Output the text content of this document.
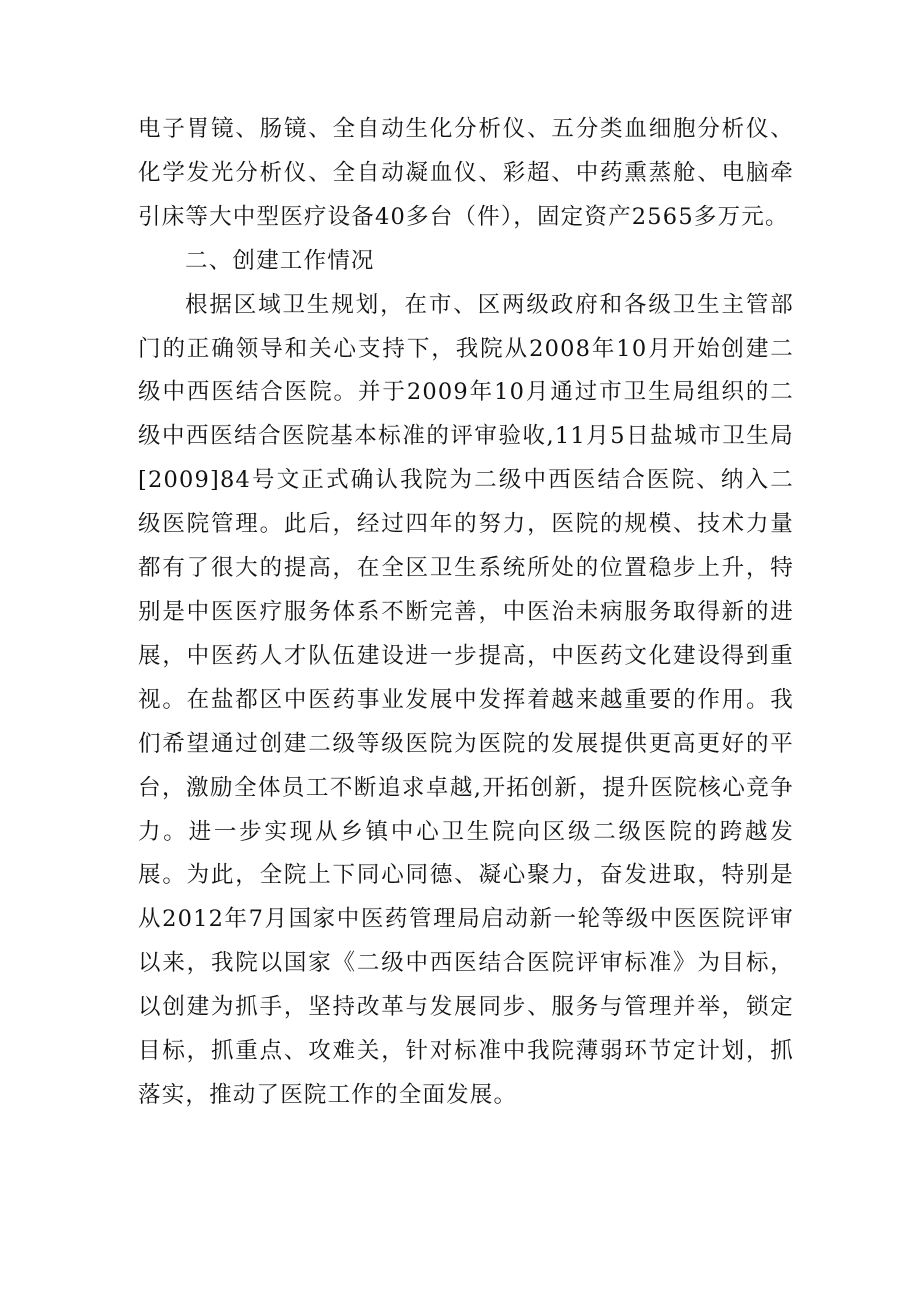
电子胃镜、肠镜、全自动生化分析仪、五分类血细胞分析仪、化学发光分析仪、全自动凝血仪、彩超、中药熏蒸舱、电脑牵引床等大中型医疗设备40多台（件），固定资产2565多万元。

二、创建工作情况

根据区域卫生规划，在市、区两级政府和各级卫生主管部门的正确领导和关心支持下，我院从2008年10月开始创建二级中西医结合医院。并于2009年10月通过市卫生局组织的二级中西医结合医院基本标准的评审验收,11月5日盐城市卫生局[2009]84号文正式确认我院为二级中西医结合医院、纳入二级医院管理。此后，经过四年的努力，医院的规模、技术力量都有了很大的提高，在全区卫生系统所处的位置稳步上升，特别是中医医疗服务体系不断完善，中医治未病服务取得新的进展，中医药人才队伍建设进一步提高，中医药文化建设得到重视。在盐都区中医药事业发展中发挥着越来越重要的作用。我们希望通过创建二级等级医院为医院的发展提供更高更好的平台，激励全体员工不断追求卓越,开拓创新，提升医院核心竞争力。进一步实现从乡镇中心卫生院向区级二级医院的跨越发展。为此，全院上下同心同德、凝心聚力，奋发进取，特别是从2012年7月国家中医药管理局启动新一轮等级中医医院评审以来，我院以国家《二级中西医结合医院评审标准》为目标，以创建为抓手，坚持改革与发展同步、服务与管理并举，锁定目标，抓重点、攻难关，针对标准中我院薄弱环节定计划，抓落实，推动了医院工作的全面发展。
